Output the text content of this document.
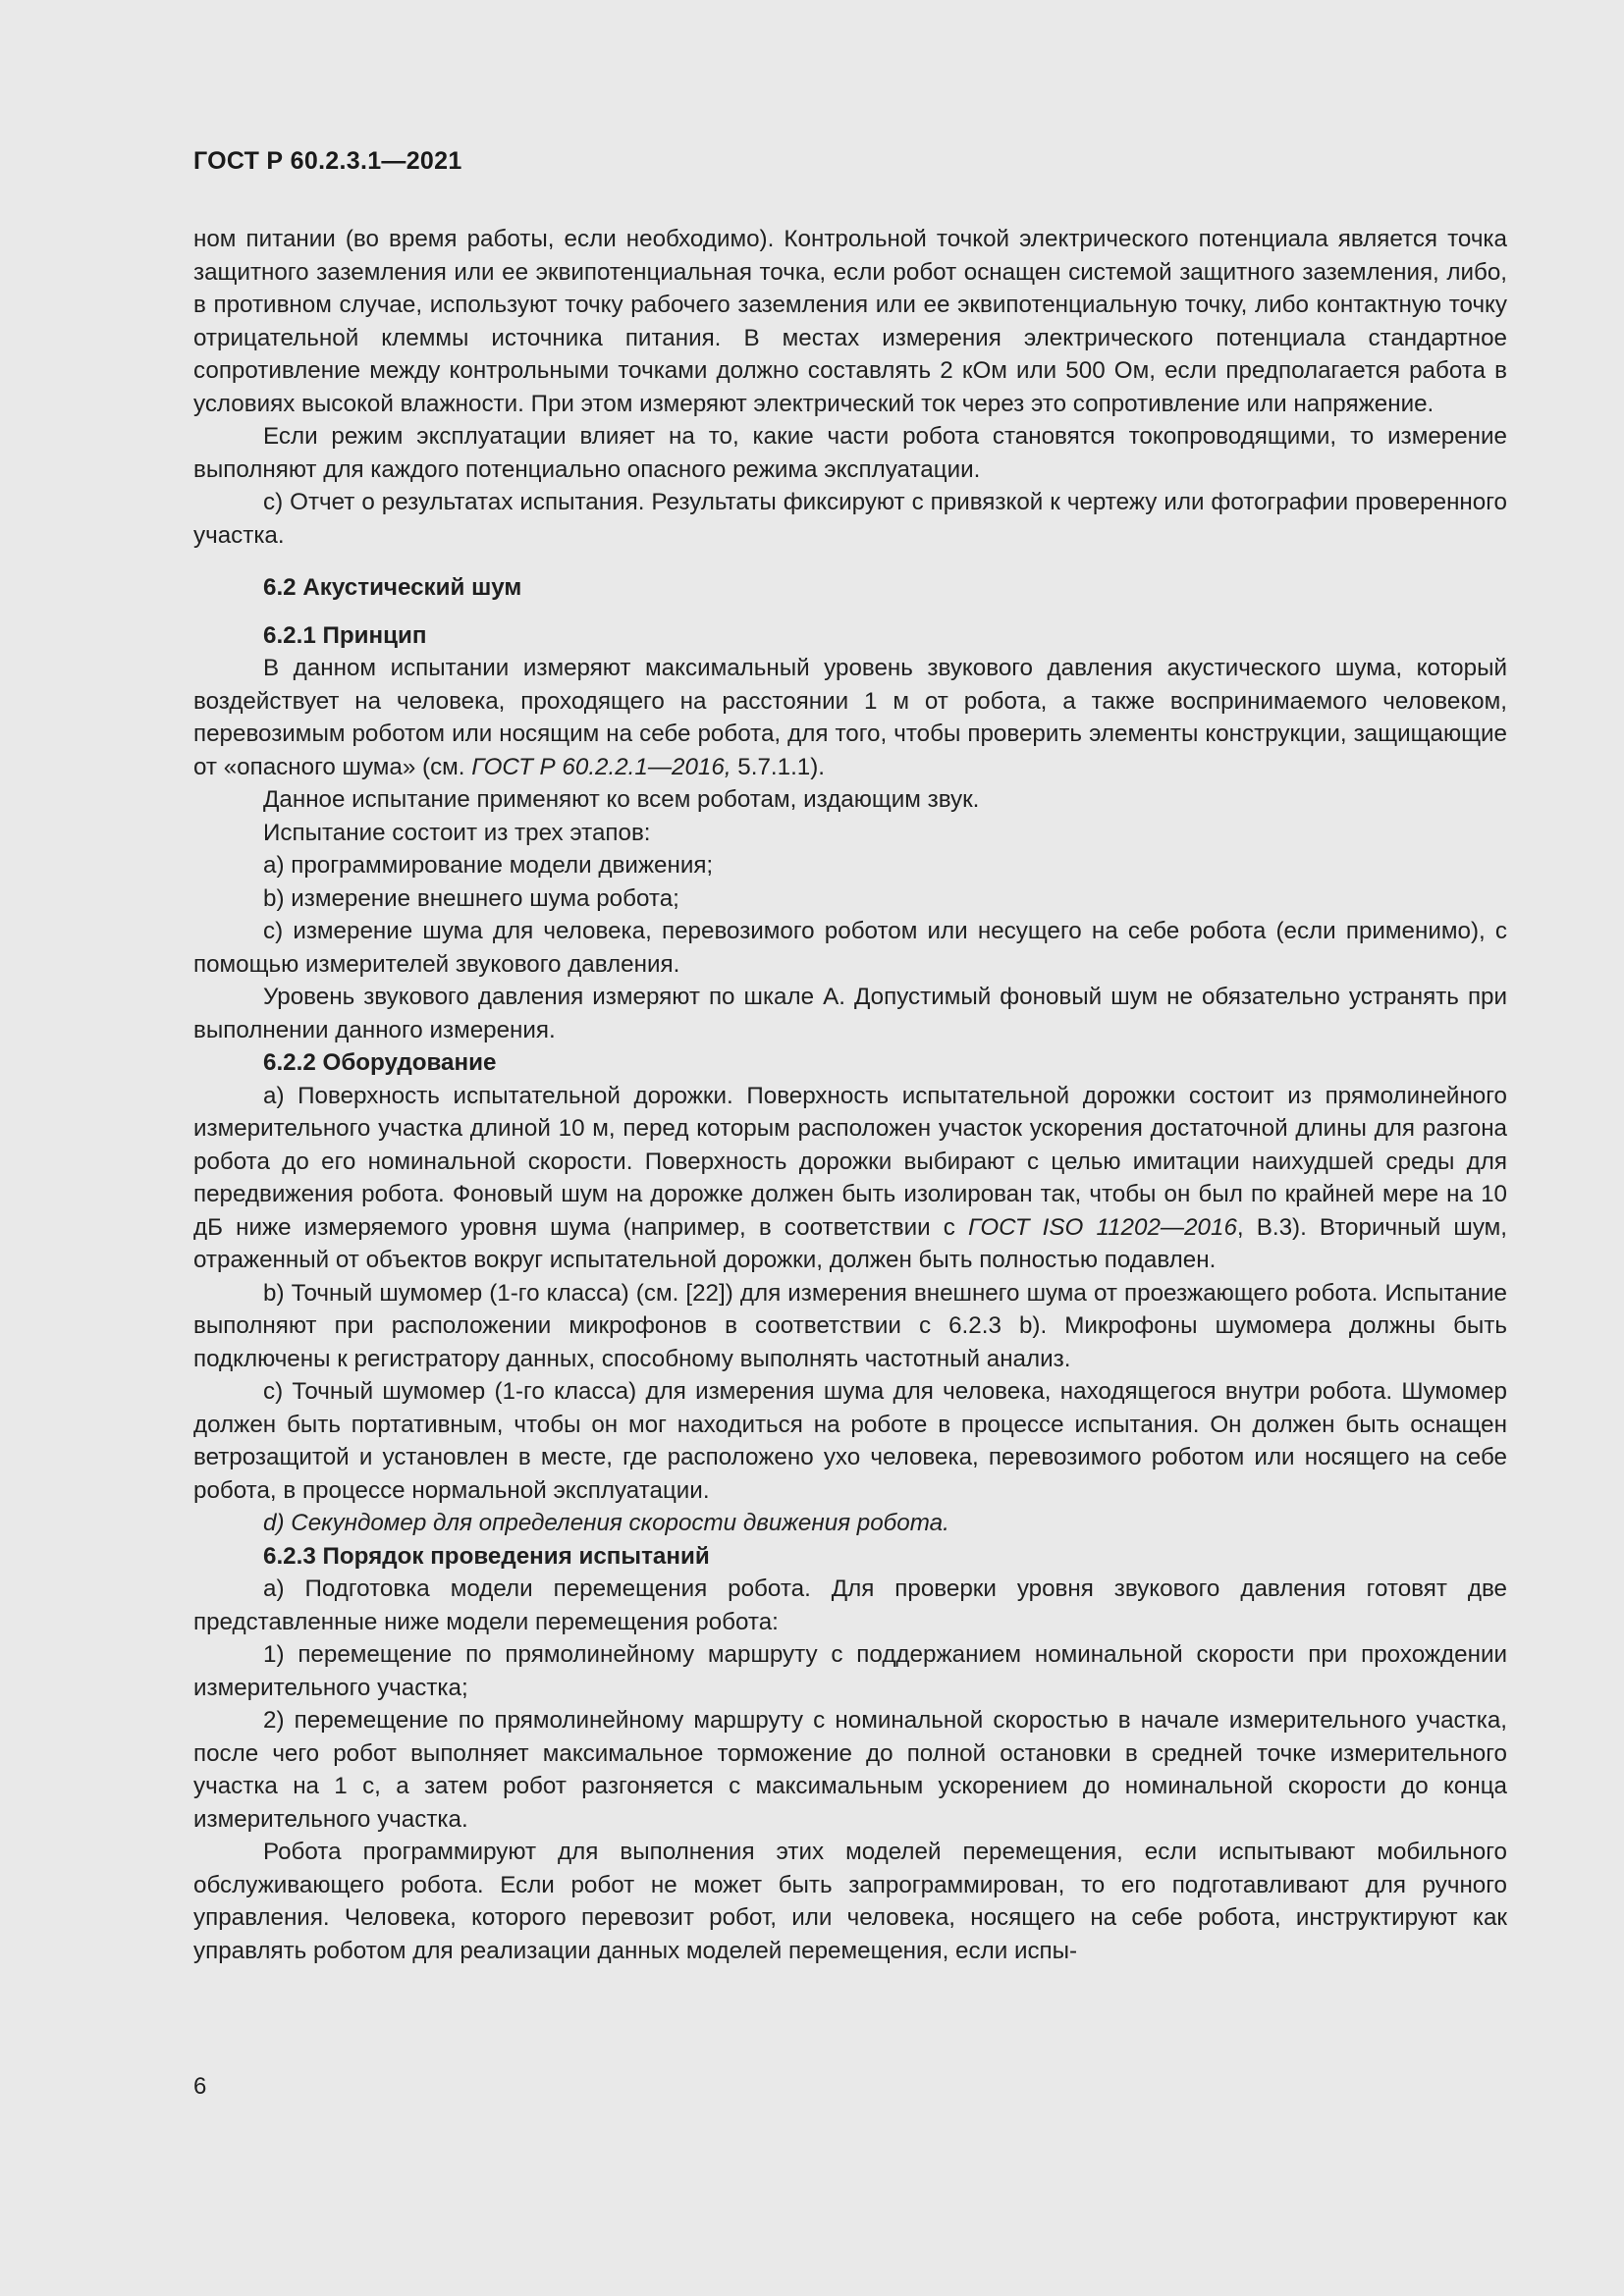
ГОСТ Р 60.2.3.1—2021

ном питании (во время работы, если необходимо). Контрольной точкой электрического потенциала является точка защитного заземления или ее эквипотенциальная точка, если робот оснащен системой защитного заземления, либо, в противном случае, используют точку рабочего заземления или ее эквипотенциальную точку, либо контактную точку отрицательной клеммы источника питания. В местах измерения электрического потенциала стандартное сопротивление между контрольными точками должно составлять 2 кОм или 500 Ом, если предполагается работа в условиях высокой влажности. При этом измеряют электрический ток через это сопротивление или напряжение.

Если режим эксплуатации влияет на то, какие части робота становятся токопроводящими, то измерение выполняют для каждого потенциально опасного режима эксплуатации.

c) Отчет о результатах испытания. Результаты фиксируют с привязкой к чертежу или фотографии проверенного участка.

6.2 Акустический шум
6.2.1 Принцип

В данном испытании измеряют максимальный уровень звукового давления акустического шума, который воздействует на человека, проходящего на расстоянии 1 м от робота, а также воспринимаемого человеком, перевозимым роботом или носящим на себе робота, для того, чтобы проверить элементы конструкции, защищающие от «опасного шума» (см. ГОСТ Р 60.2.2.1—2016, 5.7.1.1).

Данное испытание применяют ко всем роботам, издающим звук.

Испытание состоит из трех этапов:

a) программирование модели движения;

b) измерение внешнего шума робота;

c) измерение шума для человека, перевозимого роботом или несущего на себе робота (если применимо), с помощью измерителей звукового давления.

Уровень звукового давления измеряют по шкале A. Допустимый фоновый шум не обязательно устранять при выполнении данного измерения.

6.2.2 Оборудование

a) Поверхность испытательной дорожки. Поверхность испытательной дорожки состоит из прямолинейного измерительного участка длиной 10 м, перед которым расположен участок ускорения достаточной длины для разгона робота до его номинальной скорости. Поверхность дорожки выбирают с целью имитации наихудшей среды для передвижения робота. Фоновый шум на дорожке должен быть изолирован так, чтобы он был по крайней мере на 10 дБ ниже измеряемого уровня шума (например, в соответствии с ГОСТ ISO 11202—2016, B.3). Вторичный шум, отраженный от объектов вокруг испытательной дорожки, должен быть полностью подавлен.

b) Точный шумомер (1-го класса) (см. [22]) для измерения внешнего шума от проезжающего робота. Испытание выполняют при расположении микрофонов в соответствии с 6.2.3 b). Микрофоны шумомера должны быть подключены к регистратору данных, способному выполнять частотный анализ.

c) Точный шумомер (1-го класса) для измерения шума для человека, находящегося внутри робота. Шумомер должен быть портативным, чтобы он мог находиться на роботе в процессе испытания. Он должен быть оснащен ветрозащитой и установлен в месте, где расположено ухо человека, перевозимого роботом или носящего на себе робота, в процессе нормальной эксплуатации.

d) Секундомер для определения скорости движения робота.

6.2.3 Порядок проведения испытаний

a) Подготовка модели перемещения робота. Для проверки уровня звукового давления готовят две представленные ниже модели перемещения робота:

1) перемещение по прямолинейному маршруту с поддержанием номинальной скорости при прохождении измерительного участка;

2) перемещение по прямолинейному маршруту с номинальной скоростью в начале измерительного участка, после чего робот выполняет максимальное торможение до полной остановки в средней точке измерительного участка на 1 с, а затем робот разгоняется с максимальным ускорением до номинальной скорости до конца измерительного участка.

Робота программируют для выполнения этих моделей перемещения, если испытывают мобильного обслуживающего робота. Если робот не может быть запрограммирован, то его подготавливают для ручного управления. Человека, которого перевозит робот, или человека, носящего на себе робота, инструктируют как управлять роботом для реализации данных моделей перемещения, если испы-

6
